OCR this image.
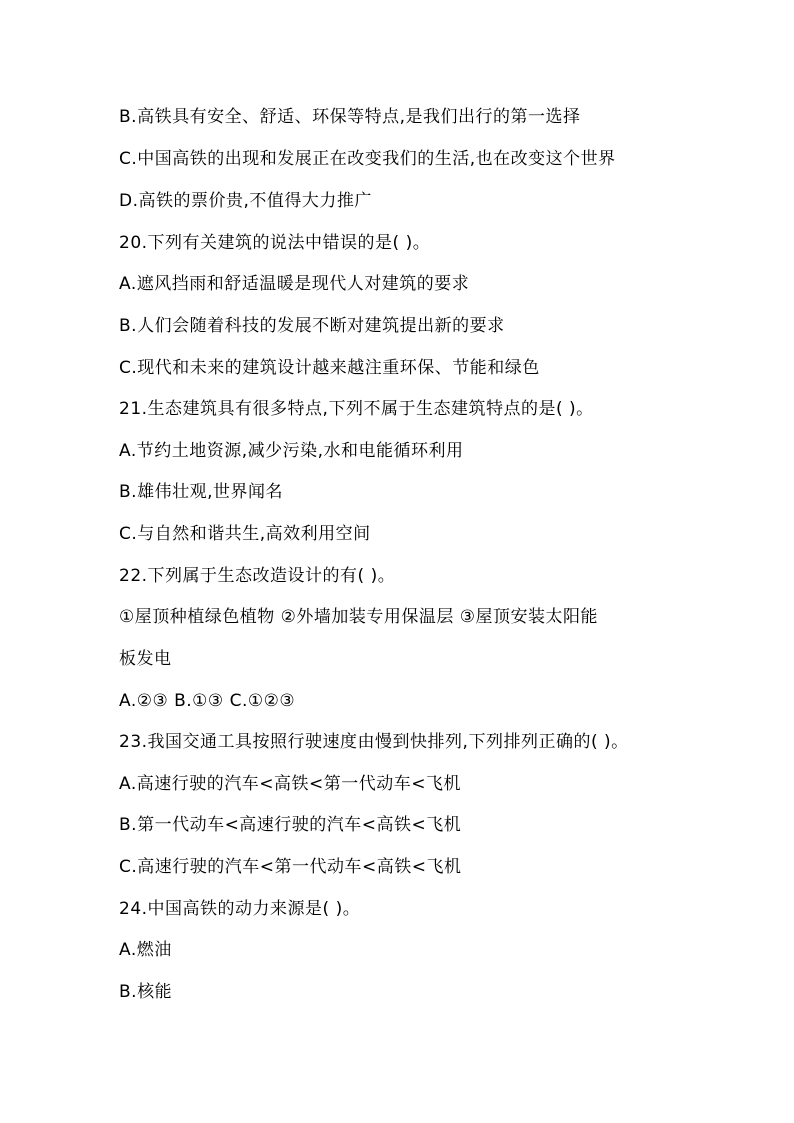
B.高铁具有安全、舒适、环保等特点,是我们出行的第一选择
C.中国高铁的出现和发展正在改变我们的生活,也在改变这个世界
D.高铁的票价贵,不值得大力推广
20.下列有关建筑的说法中错误的是( )。
A.遮风挡雨和舒适温暖是现代人对建筑的要求
B.人们会随着科技的发展不断对建筑提出新的要求
C.现代和未来的建筑设计越来越注重环保、节能和绿色
21.生态建筑具有很多特点,下列不属于生态建筑特点的是( )。
A.节约土地资源,减少污染,水和电能循环利用
B.雄伟壮观,世界闻名
C.与自然和谐共生,高效利用空间
22.下列属于生态改造设计的有( )。
①屋顶种植绿色植物 ②外墙加装专用保温层 ③屋顶安装太阳能
板发电
A.②③ B.①③ C.①②③
23.我国交通工具按照行驶速度由慢到快排列,下列排列正确的( )。
A.高速行驶的汽车<高铁<第一代动车<飞机
B.第一代动车<高速行驶的汽车<高铁<飞机
C.高速行驶的汽车<第一代动车<高铁<飞机
24.中国高铁的动力来源是( )。
A.燃油
B.核能
